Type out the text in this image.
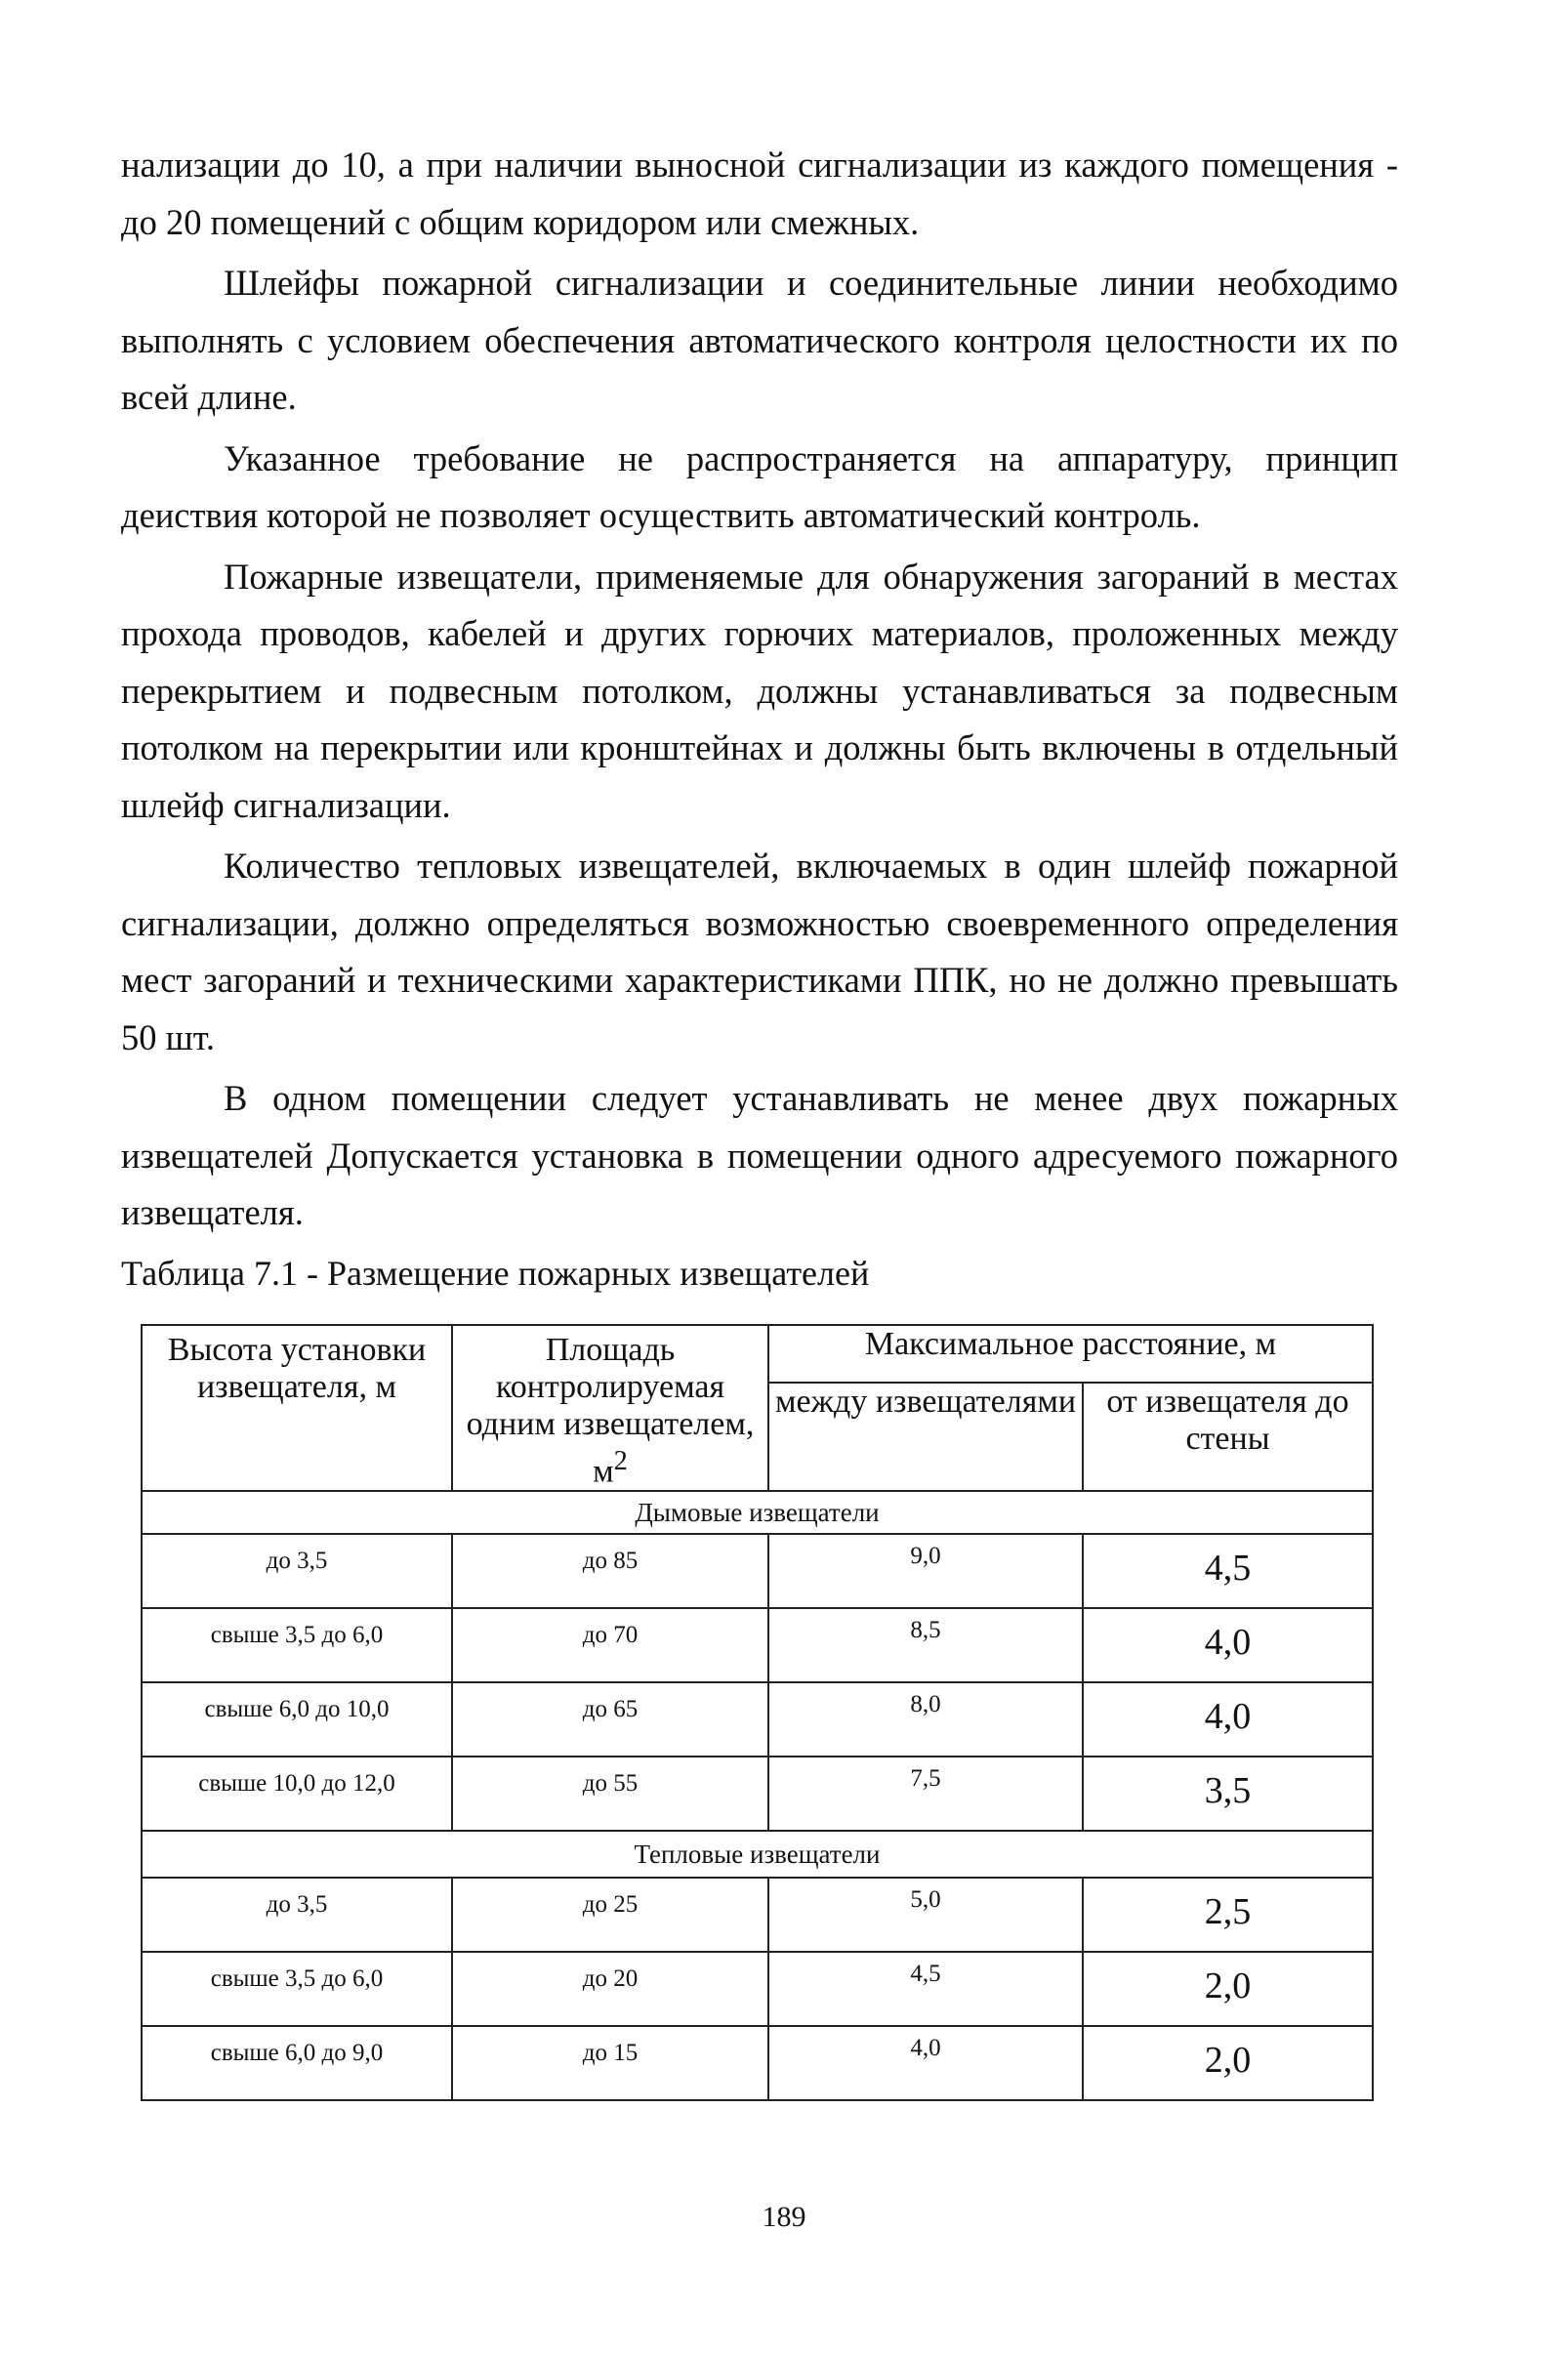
нализации до 10, а при наличии выносной сигнализации из каждого помещения - до 20 помещений с общим коридором или смежных.

Шлейфы пожарной сигнализации и соединительные линии необходимо выполнять с условием обеспечения автоматического контроля целостности их по всей длине.

Указанное требование не распространяется на аппаратуру, принцип деиствия которой не позволяет осуществить автоматический контроль.

Пожарные извещатели, применяемые для обнаружения загораний в местах прохода проводов, кабелей и других горючих материалов, проложенных между перекрытием и подвесным потолком, должны устанавливаться за подвесным потолком на перекрытии или кронштейнах и должны быть включены в отдельный шлейф сигнализации.

Количество тепловых извещателей, включаемых в один шлейф пожарной сигнализации, должно определяться возможностью своевременного определения мест загораний и техническими характеристиками ППК, но не должно превышать 50 шт.

В одном помещении следует устанавливать не менее двух пожарных извещателей Допускается установка в помещении одного адресуемого пожарного извещателя.

Таблица 7.1 - Размещение пожарных извещателей
Высота установки извещателя, м	Площадь контролируемая одним извещателем, $м^2$	Максимальное расстояние, м	
		между извещателями	от извещателя до стены
Дымовые извещатели			
до 3,5	до 85	9,0	4,5
свыше 3,5 до 6,0	до 70	8,5	4,0
свыше 6,0 до 10,0	до 65	8,0	4,0
свыше 10,0 до 12,0	до 55	7,5	3,5
Тепловые извещатели			
до 3,5	до 25	5,0	2,5
свыше 3,5 до 6,0	до 20	4,5	2,0
свыше 6,0 до 9,0	до 15	4,0	2,0
189
